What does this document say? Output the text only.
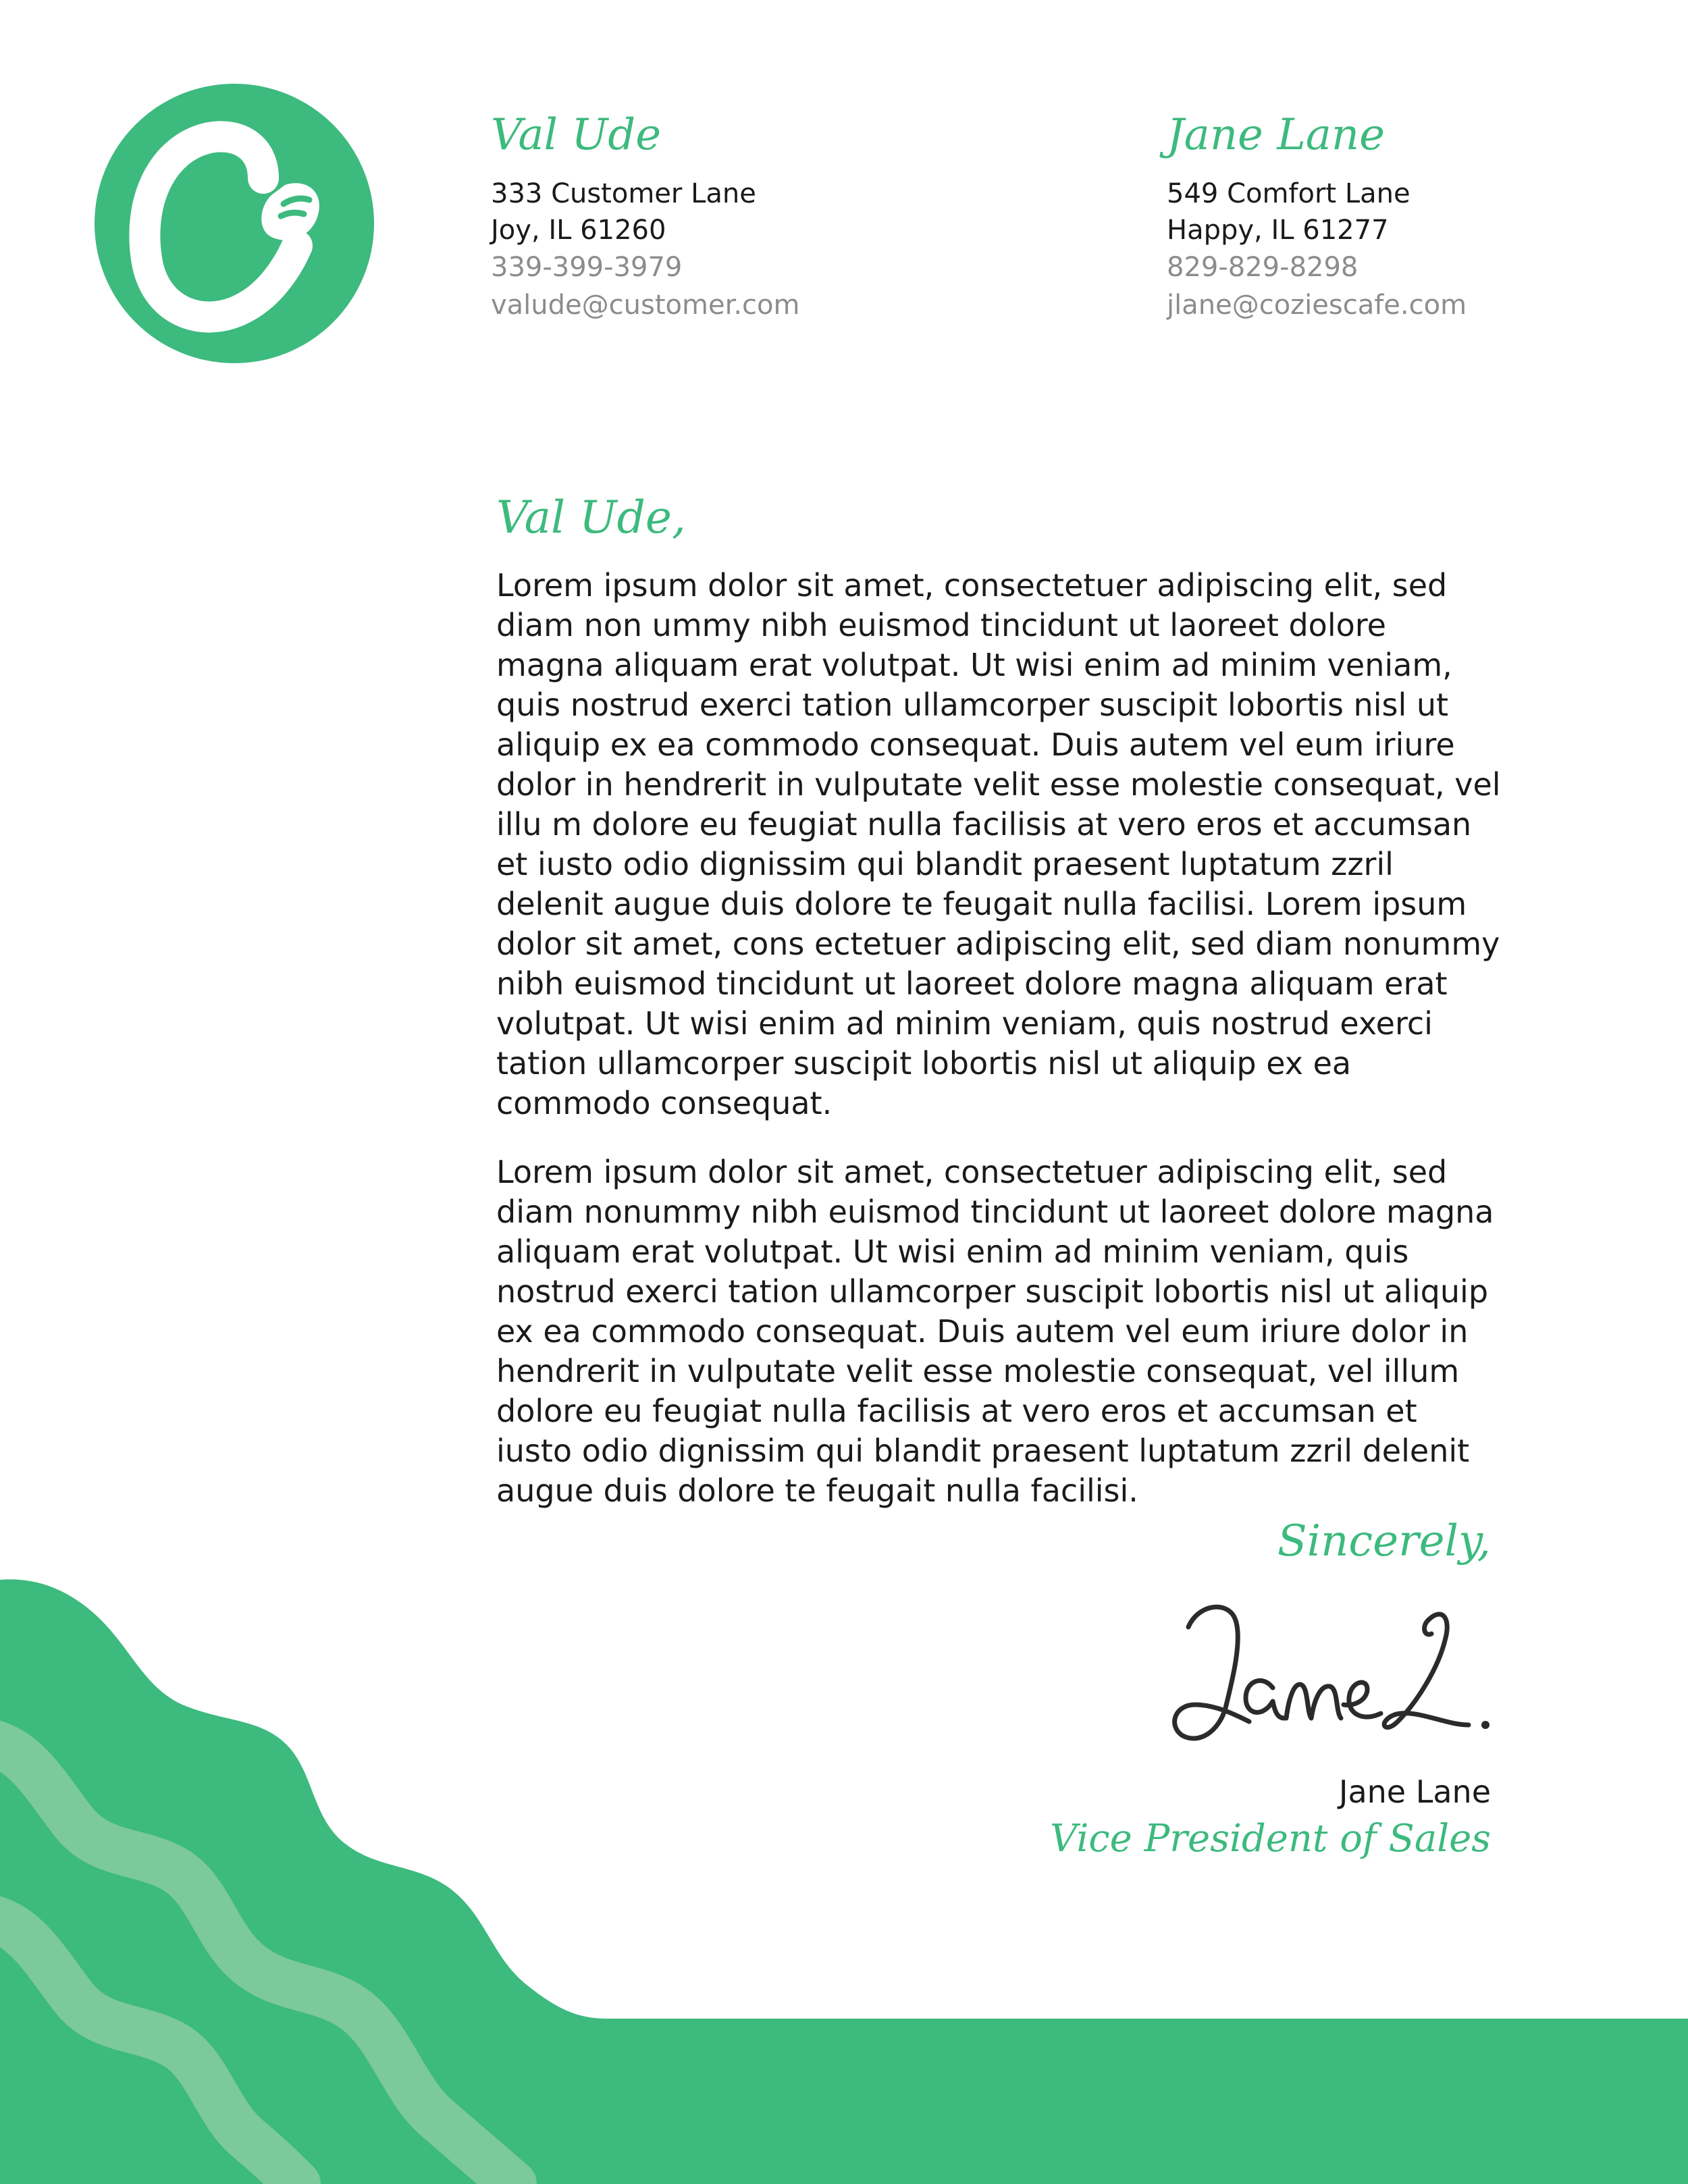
Val Ude
333 Customer Lane
Joy, IL 61260
339-399-3979
valude@customer.com
Jane Lane
549 Comfort Lane
Happy, IL 61277
829-829-8298
jlane@coziescafe.com
Val Ude,

Lorem ipsum dolor sit amet, consectetuer adipiscing elit, sed diam non ummy nibh euismod tincidunt ut laoreet dolore magna aliquam erat volutpat. Ut wisi enim ad minim veniam, quis nostrud exerci tation ullamcorper suscipit lobortis nisl ut aliquip ex ea commodo consequat. Duis autem vel eum iriure dolor in hendrerit in vulputate velit esse molestie consequat, vel illu m dolore eu feugiat nulla facilisis at vero eros et accumsan et iusto odio dignissim qui blandit praesent luptatum zzril delenit augue duis dolore te feugait nulla facilisi. Lorem ipsum dolor sit amet, cons ectetuer adipiscing elit, sed diam nonummy nibh euismod tincidunt ut laoreet dolore magna aliquam erat volutpat. Ut wisi enim ad minim veniam, quis nostrud exerci tation ullamcorper suscipit lobortis nisl ut aliquip ex ea commodo consequat.

Lorem ipsum dolor sit amet, consectetuer adipiscing elit, sed diam nonummy nibh euismod tincidunt ut laoreet dolore magna aliquam erat volutpat. Ut wisi enim ad minim veniam, quis nostrud exerci tation ullamcorper suscipit lobortis nisl ut aliquip ex ea commodo consequat. Duis autem vel eum iriure dolor in hendrerit in vulputate velit esse molestie consequat, vel illum dolore eu feugiat nulla facilisis at vero eros et accumsan et iusto odio dignissim qui blandit praesent luptatum zzril delenit augue duis dolore te feugait nulla facilisi.

Sincerely,
Jane Lane
Vice President of Sales
